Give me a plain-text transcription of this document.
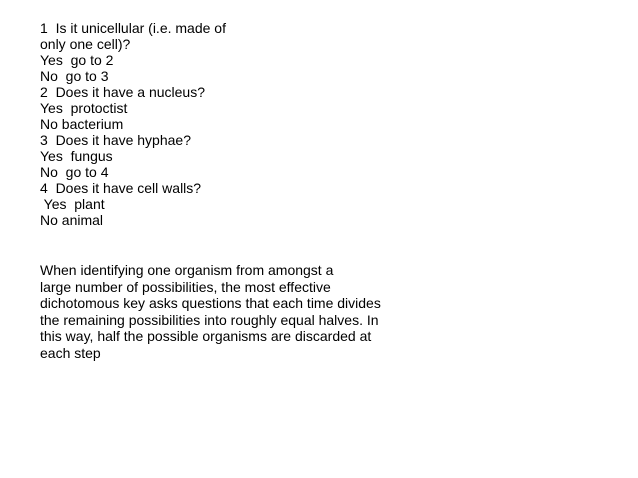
1  Is it unicellular (i.e. made of
only one cell)?
Yes  go to 2
No  go to 3
2  Does it have a nucleus?
Yes  protoctist
No bacterium
3  Does it have hyphae?
Yes  fungus
No  go to 4
4  Does it have cell walls?
Yes  plant
No animal
When identifying one organism from amongst a
large number of possibilities, the most effective
dichotomous key asks questions that each time divides
the remaining possibilities into roughly equal halves. In
this way, half the possible organisms are discarded at
each step
